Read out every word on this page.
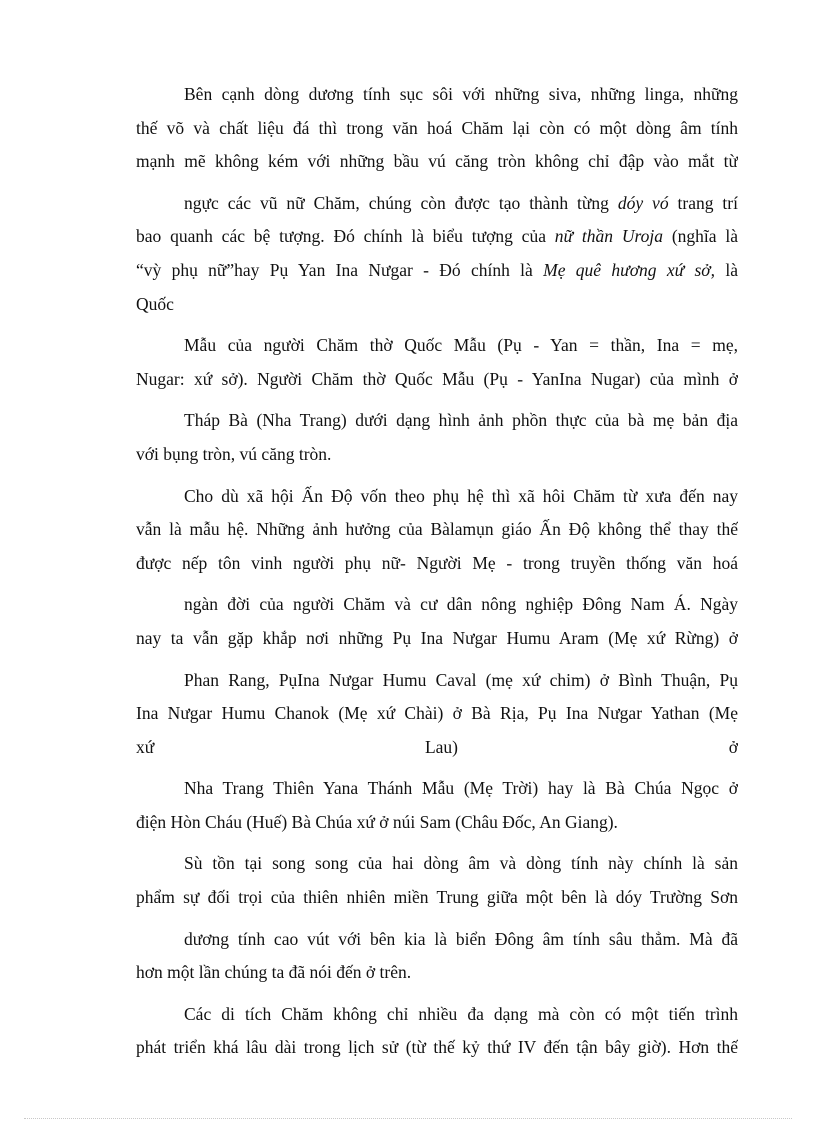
Bên cạnh dòng dương tính sục sôi với những siva, những linga, những
thế võ và chất liệu đá thì trong văn hoá Chăm lại còn có một dòng âm tính
mạnh mẽ không kém với những bầu vú căng tròn không chỉ đập vào mắt từ
ngực các vũ nữ Chăm, chúng còn được tạo thành từng dóy vó trang trí
bao quanh các bệ tượng. Đó chính là biểu tượng của nữ thần Uroja (nghĩa là
“vỳ phụ nữ”hay Pụ Yan Ina Nưgar - Đó chính là Mẹ quê hương xứ sở, là
Quốc
Mẫu của người Chăm thờ Quốc Mẫu (Pụ - Yan = thần, Ina = mẹ,
Nugar: xứ sở). Người Chăm thờ Quốc Mẫu (Pụ - YanIna Nugar) của mình ở
Tháp Bà (Nha Trang) dưới dạng hình ảnh phồn thực của bà mẹ bản địa
với bụng tròn, vú căng tròn.
Cho dù xã hội Ấn Độ vốn theo phụ hệ thì xã hôi Chăm từ xưa đến nay
vẫn là mẫu hệ. Những ảnh hưởng của Bàlamụn giáo Ấn Độ không thể thay thế
được nếp tôn vinh người phụ nữ- Người Mẹ - trong truyền thống văn hoá
ngàn đời của người Chăm và cư dân nông nghiệp Đông Nam Á. Ngày
nay ta vẫn gặp khắp nơi những Pụ Ina Nưgar Humu Aram (Mẹ xứ Rừng) ở
Phan Rang, PụIna Nưgar Humu Caval (mẹ xứ chim) ở Bình Thuận, Pụ
Ina Nưgar Humu Chanok (Mẹ xứ Chài) ở Bà Rịa, Pụ Ina Nưgar Yathan (Mẹ
xứ Lau) ở
Nha Trang Thiên Yana Thánh Mẫu (Mẹ Trời) hay là Bà Chúa Ngọc ở
điện Hòn Cháu (Huế) Bà Chúa xứ ở núi Sam (Châu Đốc, An Giang).
Sù tồn tại song song của hai dòng âm và dòng tính này chính là sản
phẩm sự đối trọi của thiên nhiên miền Trung giữa một bên là dóy Trường Sơn
dương tính cao vút với bên kia là biển Đông âm tính sâu thẳm. Mà đã
hơn một lần chúng ta đã nói đến ở trên.
Các di tích Chăm không chỉ nhiều đa dạng mà còn có một tiến trình
phát triển khá lâu dài trong lịch sử (từ thế kỷ thứ IV đến tận bây giờ). Hơn thế
